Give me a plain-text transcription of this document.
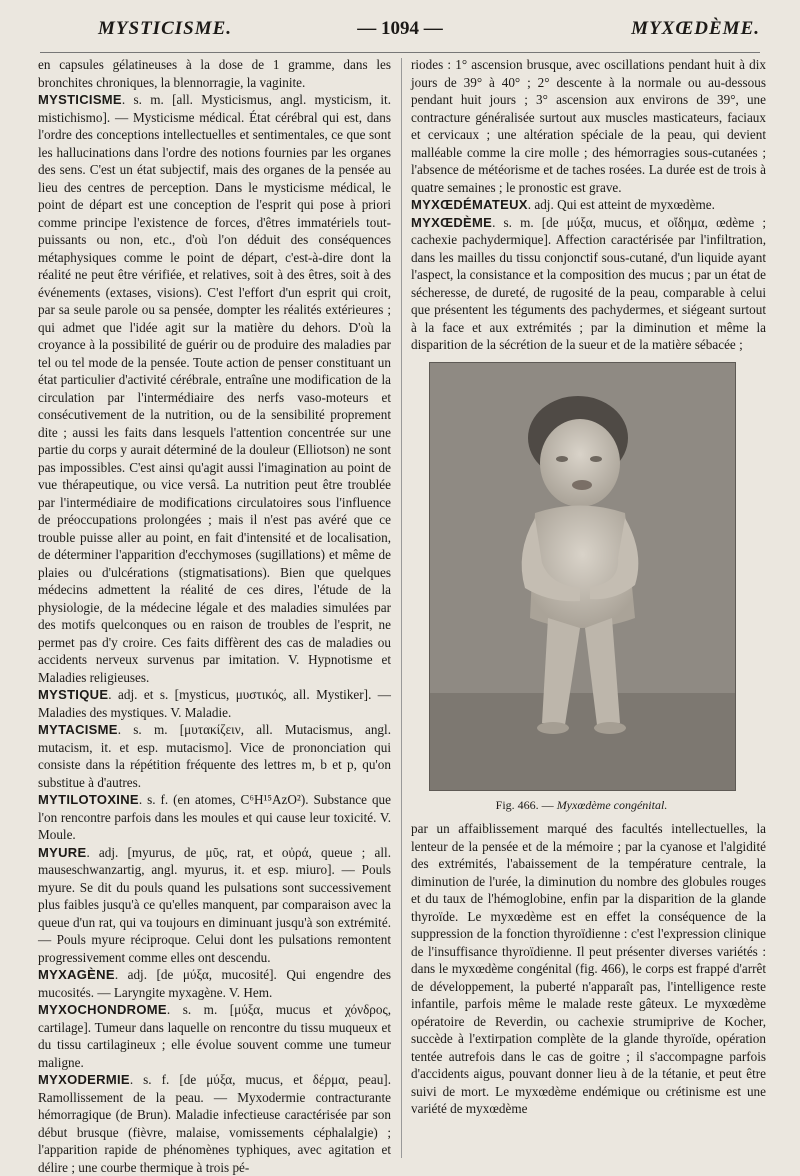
MYSTICISME.	— 1094 —	MYXŒDÈME.

en capsules gélatineuses à la dose de 1 gramme, dans les bronchites chroniques, la blennorragie, la vaginite.

MYSTICISME. s. m. [all. Mysticismus, angl. mysticism, it. mistichismo]. — Mysticisme médical. État cérébral qui est, dans l'ordre des conceptions intellectuelles et sentimentales, ce que sont les hallucinations dans l'ordre des notions fournies par les organes des sens. C'est un état subjectif, mais des organes de la pensée au lieu des centres de perception. Dans le mysticisme médical, le point de départ est une conception de l'esprit qui pose à priori comme principe l'existence de forces, d'êtres immatériels tout-puissants ou non, etc., d'où l'on déduit des conséquences métaphysiques comme le point de départ, c'est-à-dire dont la réalité ne peut être vérifiée, et relatives, soit à des êtres, soit à des événements (extases, visions). C'est l'effort d'un esprit qui croit, par sa seule parole ou sa pensée, dompter les réalités extérieures ; qui admet que l'idée agit sur la matière du dehors. D'où la croyance à la possibilité de guérir ou de produire des maladies par tel ou tel mode de la pensée. Toute action de penser constituant un état particulier d'activité cérébrale, entraîne une modification de la circulation par l'intermédiaire des nerfs vaso-moteurs et consécutivement de la nutrition, ou de la sensibilité proprement dite ; aussi les faits dans lesquels l'attention concentrée sur une partie du corps y aurait déterminé de la douleur (Elliotson) ne sont pas impossibles. C'est ainsi qu'agit aussi l'imagination au point de vue thérapeutique, ou vice versâ. La nutrition peut être troublée par l'intermédiaire de modifications circulatoires sous l'influence de préoccupations prolongées ; mais il n'est pas avéré que ce trouble puisse aller au point, en fait d'intensité et de localisation, de déterminer l'apparition d'ecchymoses (sugillations) et même de plaies ou d'ulcérations (stigmatisations). Bien que quelques médecins admettent la réalité de ces dires, l'étude de la physiologie, de la médecine légale et des maladies simulées par des motifs quelconques ou en raison de troubles de l'esprit, ne permet pas d'y croire. Ces faits diffèrent des cas de maladies ou accidents nerveux survenus par imitation. V. Hypnotisme et Maladies religieuses.

MYSTIQUE. adj. et s. [mysticus, μυστικός, all. Mystiker]. — Maladies des mystiques. V. Maladie.

MYTACISME. s. m. [μυτακίζειν, all. Mutacismus, angl. mutacism, it. et esp. mutacismo]. Vice de prononciation qui consiste dans la répétition fréquente des lettres m, b et p, qu'on substitue à d'autres.

MYTILOTOXINE. s. f. (en atomes, C⁶H¹⁵AzO²). Substance que l'on rencontre parfois dans les moules et qui cause leur toxicité. V. Moule.

MYURE. adj. [myurus, de μῦς, rat, et οὐρά, queue ; all. mauseschwanzartig, angl. myurus, it. et esp. miuro]. — Pouls myure. Se dit du pouls quand les pulsations sont successivement plus faibles jusqu'à ce qu'elles manquent, par comparaison avec la queue d'un rat, qui va toujours en diminuant jusqu'à son extrémité. — Pouls myure réciproque. Celui dont les pulsations remontent progressivement comme elles ont descendu.

MYXAGÈNE. adj. [de μύξα, mucosité]. Qui engendre des mucosités. — Laryngite myxagène. V. Hem.

MYXOCHONDROME. s. m. [μύξα, mucus et χόνδρος, cartilage]. Tumeur dans laquelle on rencontre du tissu muqueux et du tissu cartilagineux ; elle évolue souvent comme une tumeur maligne.

MYXODERMIE. s. f. [de μύξα, mucus, et δέρμα, peau]. Ramollissement de la peau. — Myxodermie contracturante hémorragique (de Brun). Maladie infectieuse caractérisée par son début brusque (fièvre, malaise, vomissements céphalalgie) ; l'apparition rapide de phénomènes typhiques, avec agitation et délire ; une courbe thermique à trois pé-

riodes : 1° ascension brusque, avec oscillations pendant huit à dix jours de 39° à 40° ; 2° descente à la normale ou au-dessous pendant huit jours ; 3° ascension aux environs de 39°, une contracture généralisée surtout aux muscles masticateurs, faciaux et cervicaux ; une altération spéciale de la peau, qui devient malléable comme la cire molle ; des hémorragies sous-cutanées ; l'absence de météorisme et de taches rosées. La durée est de trois à quatre semaines ; le pronostic est grave.

MYXŒDÉMATEUX. adj. Qui est atteint de myxœdème.

MYXŒDÈME. s. m. [de μύξα, mucus, et οἴδημα, œdème ; cachexie pachydermique]. Affection caractérisée par l'infiltration, dans les mailles du tissu conjonctif sous-cutané, d'un liquide ayant l'aspect, la consistance et la composition des mucus ; par un état de sécheresse, de dureté, de rugosité de la peau, comparable à celui que présentent les téguments des pachydermes, et siégeant surtout à la face et aux extrémités ; par la diminution et même la disparition de la sécrétion de la sueur et de la matière sébacée ;

Fig. 466. — Myxœdème congénital.

par un affaiblissement marqué des facultés intellectuelles, la lenteur de la pensée et de la mémoire ; par la cyanose et l'algidité des extrémités, l'abaissement de la température centrale, la diminution de l'urée, la diminution du nombre des globules rouges et du taux de l'hémoglobine, enfin par la disparition de la glande thyroïde. Le myxœdème est en effet la conséquence de la suppression de la fonction thyroïdienne : c'est l'expression clinique de l'insuffisance thyroïdienne. Il peut présenter diverses variétés : dans le myxœdème congénital (fig. 466), le corps est frappé d'arrêt de développement, la puberté n'apparaît pas, l'intelligence reste infantile, parfois même le malade reste gâteux. Le myxœdème opératoire de Reverdin, ou cachexie strumiprive de Kocher, succède à l'extirpation complète de la glande thyroïde, opération tentée autrefois dans le cas de goitre ; il s'accompagne parfois d'accidents aigus, pouvant donner lieu à de la tétanie, et peut être suivi de mort. Le myxœdème endémique ou crétinisme est une variété de myxœdème
